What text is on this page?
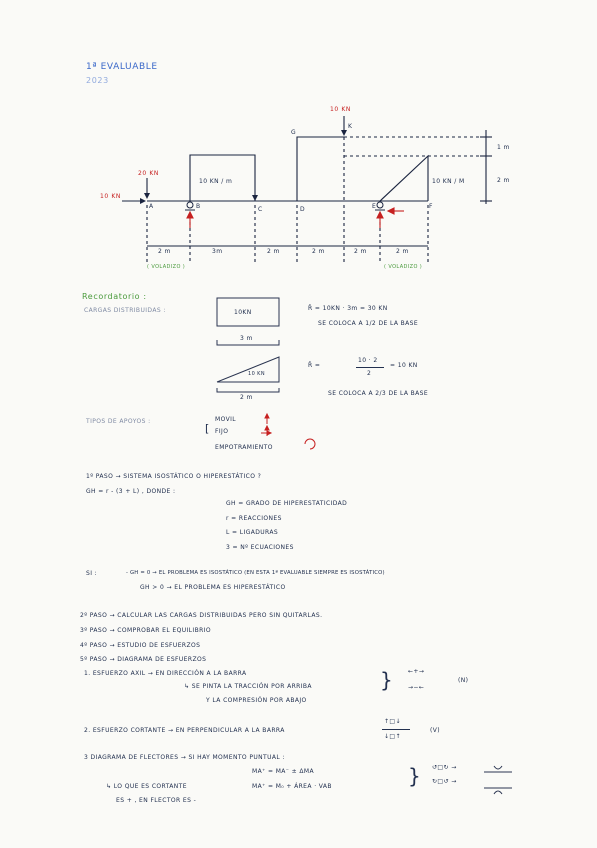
1ª EVALUABLE
2023
10 KN
20 KN
10 KN
10 KN / m	10 KN / M
A	B	C	D	E	F
G
K
1 m
2 m
2 m	3m	2 m	2 m	2 m	2 m
( VOLADIZO )	( VOLADIZO )
Recordatorio :
CARGAS DISTRIBUIDAS :	10KN
3 m
R̄ = 10KN · 3m = 30 KN
SE COLOCA A 1/2 DE LA BASE
10 KN
2 m
R̄ =
10 · 2
2
= 10 KN
SE COLOCA A 2/3 DE LA BASE
TIPOS DE APOYOS :
[
MOVIL
FIJO
EMPOTRAMIENTO
1º PASO → SISTEMA ISOSTÁTICO O HIPERESTÁTICO ?
GH = r - (3 + L) , DONDE :
GH = GRADO DE HIPERESTATICIDAD
r = REACCIONES
L = LIGADURAS
3 = Nº ECUACIONES
SI :	- GH = 0 → EL PROBLEMA ES ISOSTÁTICO (EN ESTA 1ª EVALUABLE SIEMPRE ES ISOSTÁTICO)
GH > 0 → EL PROBLEMA ES HIPERESTÁTICO
2º PASO → CALCULAR LAS CARGAS DISTRIBUIDAS PERO SIN QUITARLAS.
3º PASO → COMPROBAR EL EQUILIBRIO
4º PASO → ESTUDIO DE ESFUERZOS
5º PASO → DIAGRAMA DE ESFUERZOS
1. ESFUERZO AXIL → EN DIRECCIÓN A LA BARRA
↳ SE PINTA LA TRACCIÓN POR ARRIBA
Y LA COMPRESIÓN POR ABAJO
} ←+→
→−←
(N)
2. ESFUERZO CORTANTE → EN PERPENDICULAR A LA BARRA
↑□↓
↓□↑
(V)
3 DIAGRAMA DE FLECTORES → SI HAY MOMENTO PUNTUAL :
MA⁺ = MA⁻ ± ΔMA
MA⁺ = M₀ + ÁREA · VAB
↳ LO QUE ES CORTANTE
ES + , EN FLECTOR ES -
} ↺□↻ →
↻□↺ →
